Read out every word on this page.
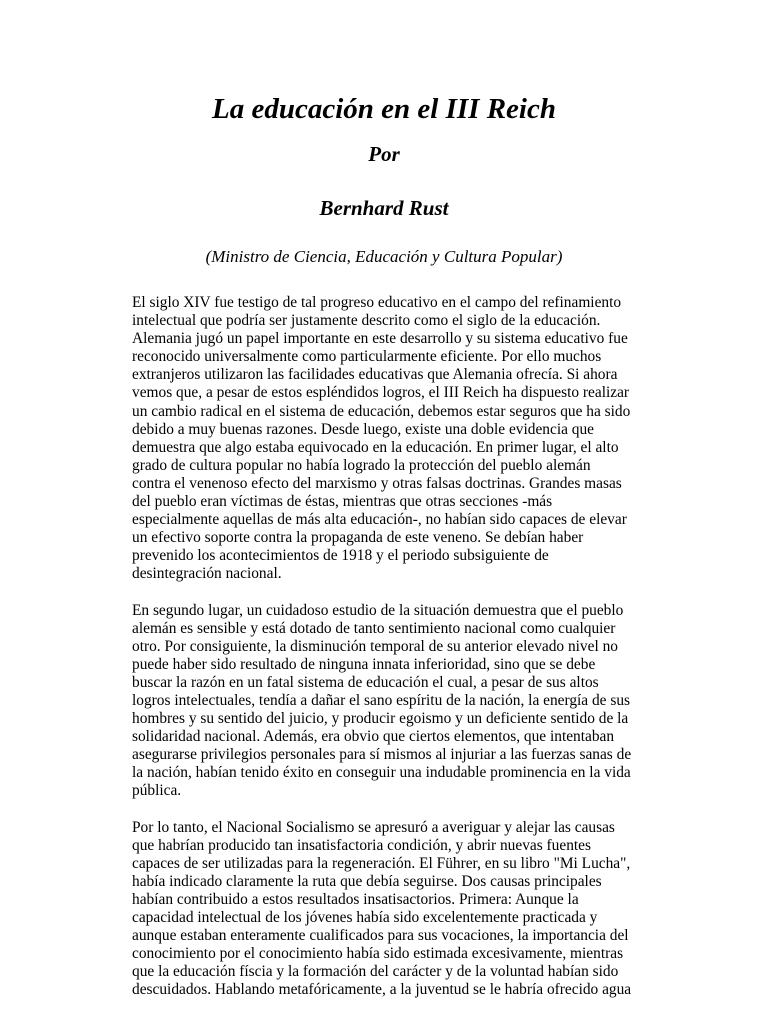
La educación en el III Reich
Por
Bernhard Rust
(Ministro de Ciencia, Educación y Cultura Popular)
El siglo XIV fue testigo de tal progreso educativo en el campo del refinamiento
intelectual que podría ser justamente descrito como el siglo de la educación.
Alemania jugó un papel importante en este desarrollo y su sistema educativo fue
reconocido universalmente como particularmente eficiente. Por ello muchos
extranjeros utilizaron las facilidades educativas que Alemania ofrecía. Si ahora
vemos que, a pesar de estos espléndidos logros, el III Reich ha dispuesto realizar
un cambio radical en el sistema de educación, debemos estar seguros que ha sido
debido a muy buenas razones. Desde luego, existe una doble evidencia que
demuestra que algo estaba equivocado en la educación. En primer lugar, el alto
grado de cultura popular no había logrado la protección del pueblo alemán
contra el venenoso efecto del marxismo y otras falsas doctrinas. Grandes masas
del pueblo eran víctimas de éstas, mientras que otras secciones -más
especialmente aquellas de más alta educación-, no habían sido capaces de elevar
un efectivo soporte contra la propaganda de este veneno. Se debían haber
prevenido los acontecimientos de 1918 y el periodo subsiguiente de
desintegración nacional.
En segundo lugar, un cuidadoso estudio de la situación demuestra que el pueblo
alemán es sensible y está dotado de tanto sentimiento nacional como cualquier
otro. Por consiguiente, la disminución temporal de su anterior elevado nivel no
puede haber sido resultado de ninguna innata inferioridad, sino que se debe
buscar la razón en un fatal sistema de educación el cual, a pesar de sus altos
logros intelectuales, tendía a dañar el sano espíritu de la nación, la energía de sus
hombres y su sentido del juicio, y producir egoismo y un deficiente sentido de la
solidaridad nacional. Además, era obvio que ciertos elementos, que intentaban
asegurarse privilegios personales para sí mismos al injuriar a las fuerzas sanas de
la nación, habían tenido éxito en conseguir una indudable prominencia en la vida
pública.
Por lo tanto, el Nacional Socialismo se apresuró a averiguar y alejar las causas
que habrían producido tan insatisfactoria condición, y abrir nuevas fuentes
capaces de ser utilizadas para la regeneración. El Führer, en su libro "Mi Lucha",
había indicado claramente la ruta que debía seguirse. Dos causas principales
habían contribuido a estos resultados insatisactorios. Primera: Aunque la
capacidad intelectual de los jóvenes había sido excelentemente practicada y
aunque estaban enteramente cualificados para sus vocaciones, la importancia del
conocimiento por el conocimiento había sido estimada excesivamente, mientras
que la educación físcia y la formación del carácter y de la voluntad habían sido
descuidados. Hablando metafóricamente, a la juventud se le habría ofrecido agua
